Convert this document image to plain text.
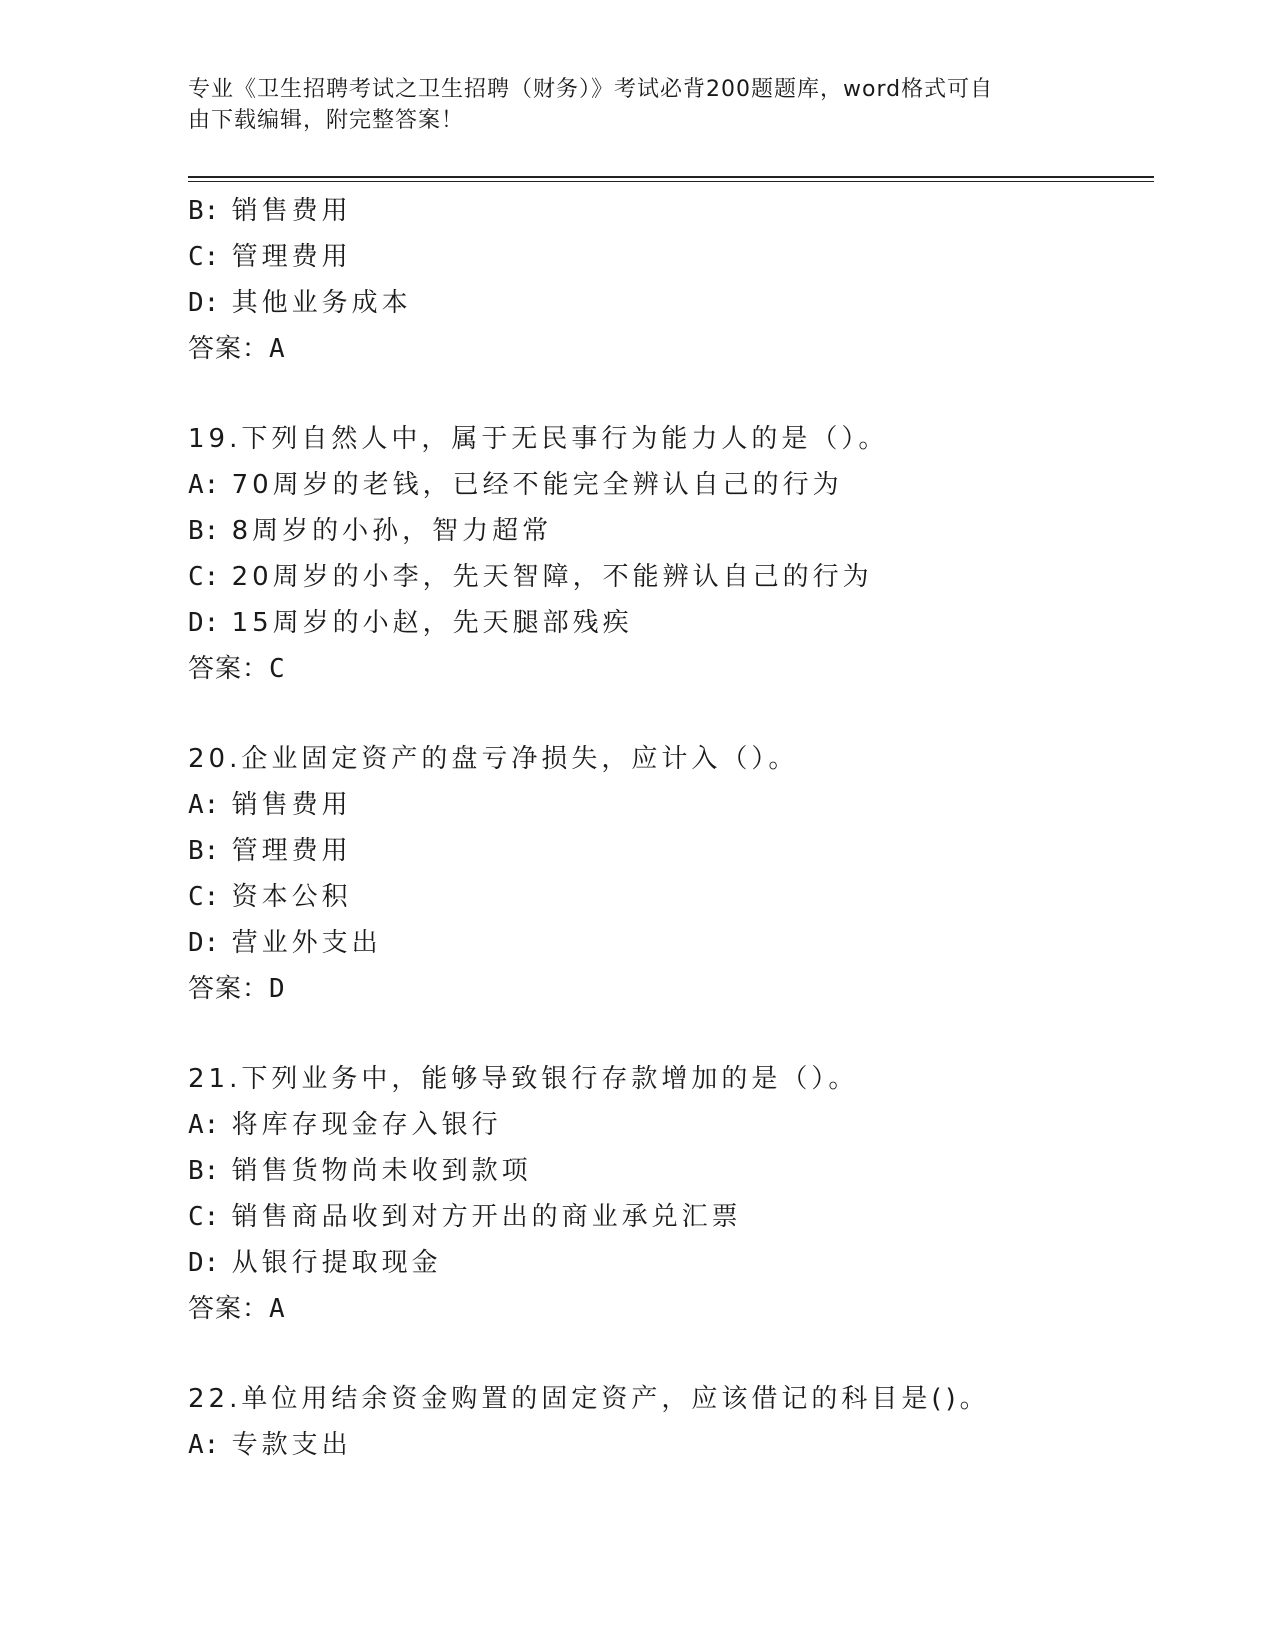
专业《卫生招聘考试之卫生招聘（财务）》考试必背200题题库，word格式可自
由下载编辑，附完整答案！
B: 销售费用
C: 管理费用
D: 其他业务成本
答案：A
19.下列自然人中，属于无民事行为能力人的是（）。
A: 70周岁的老钱，已经不能完全辨认自己的行为
B: 8周岁的小孙，智力超常
C: 20周岁的小李，先天智障，不能辨认自己的行为
D: 15周岁的小赵，先天腿部残疾
答案：C
20.企业固定资产的盘亏净损失，应计入（）。
A: 销售费用
B: 管理费用
C: 资本公积
D: 营业外支出
答案：D
21.下列业务中，能够导致银行存款增加的是（）。
A: 将库存现金存入银行
B: 销售货物尚未收到款项
C: 销售商品收到对方开出的商业承兑汇票
D: 从银行提取现金
答案：A
22.单位用结余资金购置的固定资产，应该借记的科目是()。
A: 专款支出
